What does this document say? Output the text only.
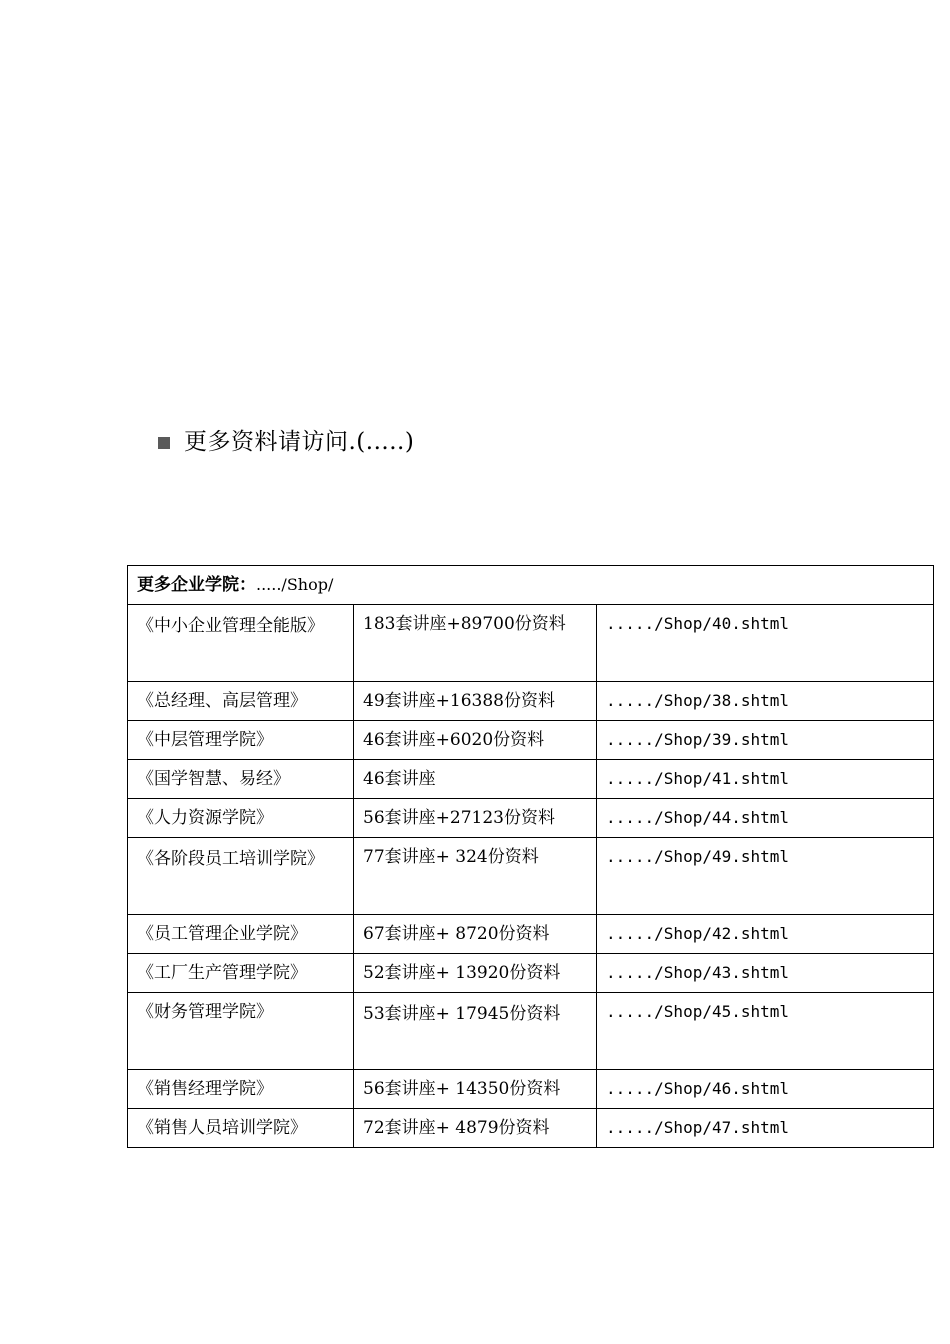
更多资料请访问.(.....)
更多企业学院：...../Shop/		
《中小企业管理全能版》	183套讲座+89700份资料	...../Shop/40.shtml

《总经理、高层管理》	49套讲座+16388份资料	...../Shop/38.shtml
《中层管理学院》	46套讲座+6020份资料	...../Shop/39.shtml
《国学智慧、易经》	46套讲座	...../Shop/41.shtml
《人力资源学院》	56套讲座+27123份资料	...../Shop/44.shtml
《各阶段员工培训学院》	77套讲座+ 324份资料	...../Shop/49.shtml

《员工管理企业学院》	67套讲座+ 8720份资料	...../Shop/42.shtml
《工厂生产管理学院》	52套讲座+ 13920份资料	...../Shop/43.shtml

《财务管理学院》	53套讲座+ 17945份资料	...../Shop/45.shtml

《销售经理学院》	56套讲座+ 14350份资料	...../Shop/46.shtml
《销售人员培训学院》	72套讲座+ 4879份资料	...../Shop/47.shtml
